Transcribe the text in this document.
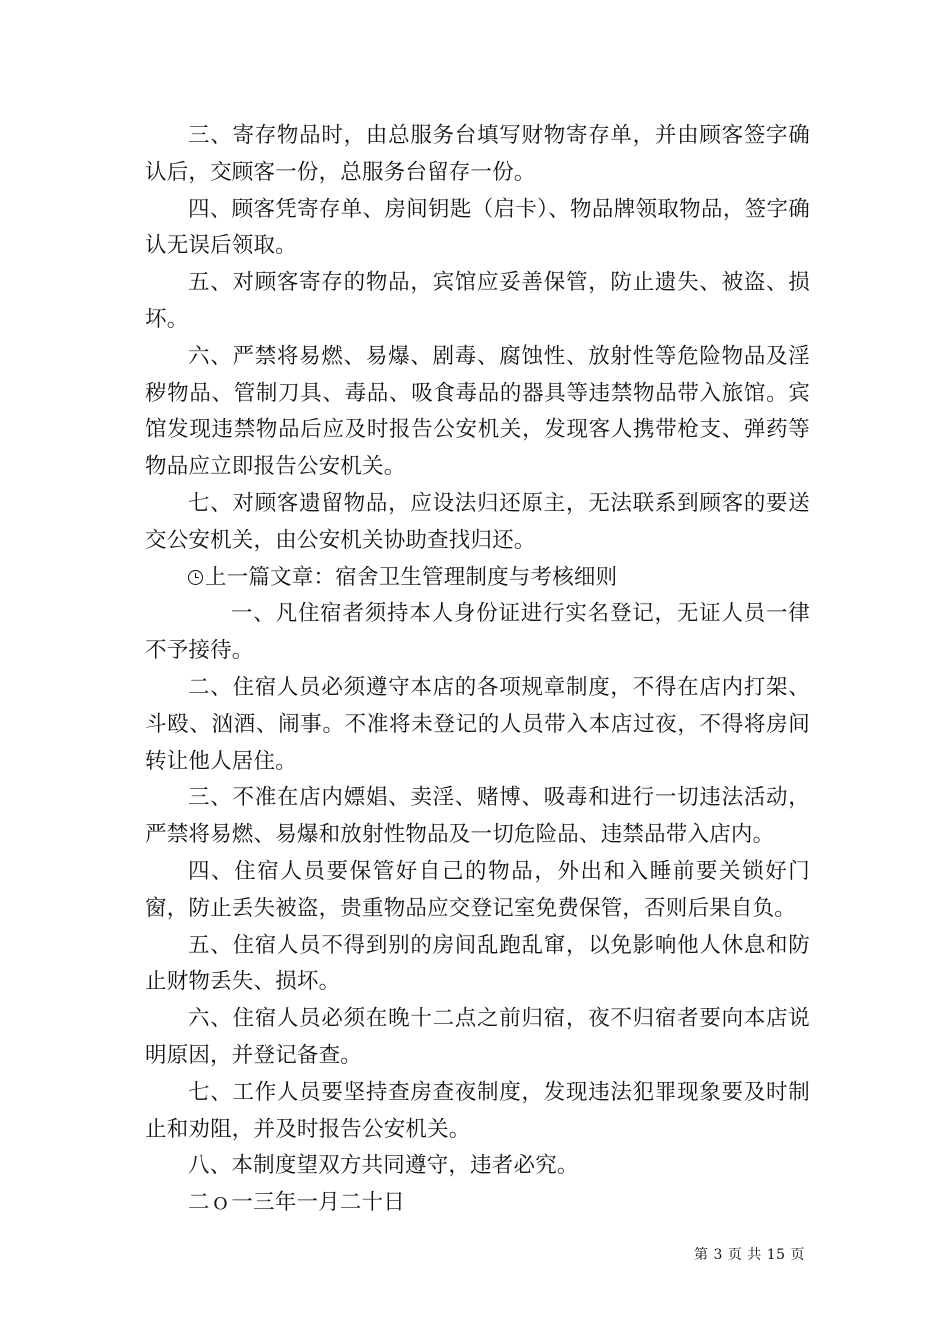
三、寄存物品时，由总服务台填写财物寄存单，并由顾客签字确认后，交顾客一份，总服务台留存一份。

四、顾客凭寄存单、房间钥匙（启卡）、物品牌领取物品，签字确认无误后领取。

五、对顾客寄存的物品，宾馆应妥善保管，防止遗失、被盗、损坏。

六、严禁将易燃、易爆、剧毒、腐蚀性、放射性等危险物品及淫秽物品、管制刀具、毒品、吸食毒品的器具等违禁物品带入旅馆。宾馆发现违禁物品后应及时报告公安机关，发现客人携带枪支、弹药等物品应立即报告公安机关。

七、对顾客遗留物品，应设法归还原主，无法联系到顾客的要送交公安机关，由公安机关协助查找归还。

上一篇文章：宿舍卫生管理制度与考核细则

一、凡住宿者须持本人身份证进行实名登记，无证人员一律不予接待。

二、住宿人员必须遵守本店的各项规章制度，不得在店内打架、斗殴、汹酒、闹事。不准将未登记的人员带入本店过夜，不得将房间转让他人居住。

三、不准在店内嫖娼、卖淫、赌博、吸毒和进行一切违法活动，严禁将易燃、易爆和放射性物品及一切危险品、违禁品带入店内。

四、住宿人员要保管好自己的物品，外出和入睡前要关锁好门窗，防止丢失被盗，贵重物品应交登记室免费保管，否则后果自负。

五、住宿人员不得到别的房间乱跑乱窜，以免影响他人休息和防止财物丢失、损坏。

六、住宿人员必须在晚十二点之前归宿，夜不归宿者要向本店说明原因，并登记备查。

七、工作人员要坚持查房查夜制度，发现违法犯罪现象要及时制止和劝阻，并及时报告公安机关。

八、本制度望双方共同遵守，违者必究。

二ｏ一三年一月二十日

第 3 页 共 15 页
